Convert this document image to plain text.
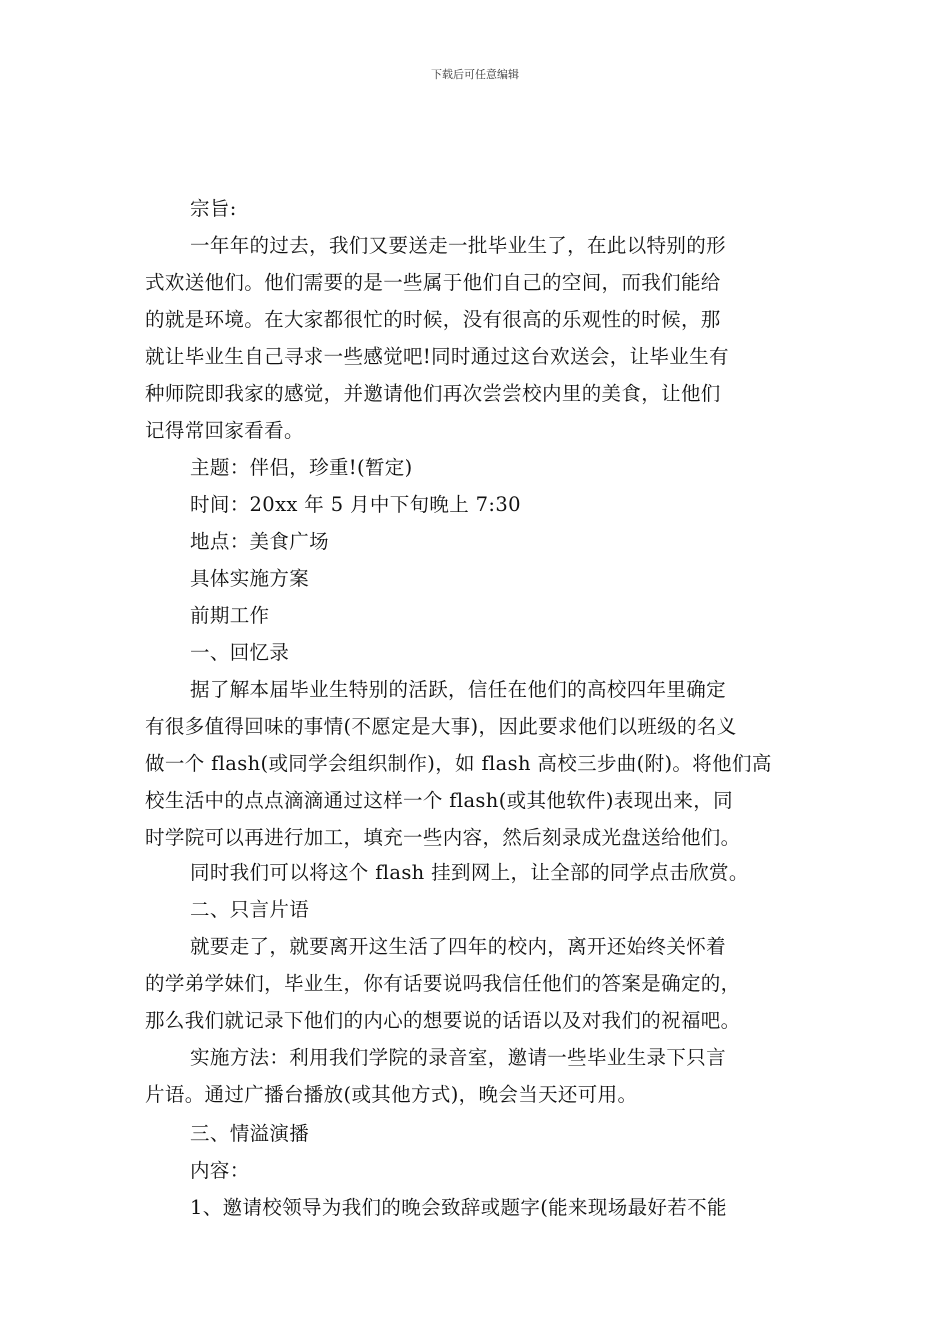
下载后可任意编辑
宗旨:
一年年的过去，我们又要送走一批毕业生了，在此以特别的形
式欢送他们。他们需要的是一些属于他们自己的空间，而我们能给
的就是环境。在大家都很忙的时候，没有很高的乐观性的时候，那
就让毕业生自己寻求一些感觉吧!同时通过这台欢送会，让毕业生有
种师院即我家的感觉，并邀请他们再次尝尝校内里的美食，让他们
记得常回家看看。
主题：伴侣，珍重!(暂定)
时间：20xx 年 5 月中下旬晚上 7:30
地点：美食广场
具体实施方案
前期工作
一、回忆录
据了解本届毕业生特别的活跃，信任在他们的高校四年里确定
有很多值得回味的事情(不愿定是大事)，因此要求他们以班级的名义
做一个 flash(或同学会组织制作)，如 flash 高校三步曲(附)。将他们高
校生活中的点点滴滴通过这样一个 flash(或其他软件)表现出来，同
时学院可以再进行加工，填充一些内容，然后刻录成光盘送给他们。
同时我们可以将这个 flash 挂到网上，让全部的同学点击欣赏。
二、只言片语
就要走了，就要离开这生活了四年的校内，离开还始终关怀着
的学弟学妹们，毕业生，你有话要说吗我信任他们的答案是确定的，
那么我们就记录下他们的内心的想要说的话语以及对我们的祝福吧。
实施方法：利用我们学院的录音室，邀请一些毕业生录下只言
片语。通过广播台播放(或其他方式)，晚会当天还可用。
三、情溢演播
内容：
1、邀请校领导为我们的晚会致辞或题字(能来现场最好若不能
